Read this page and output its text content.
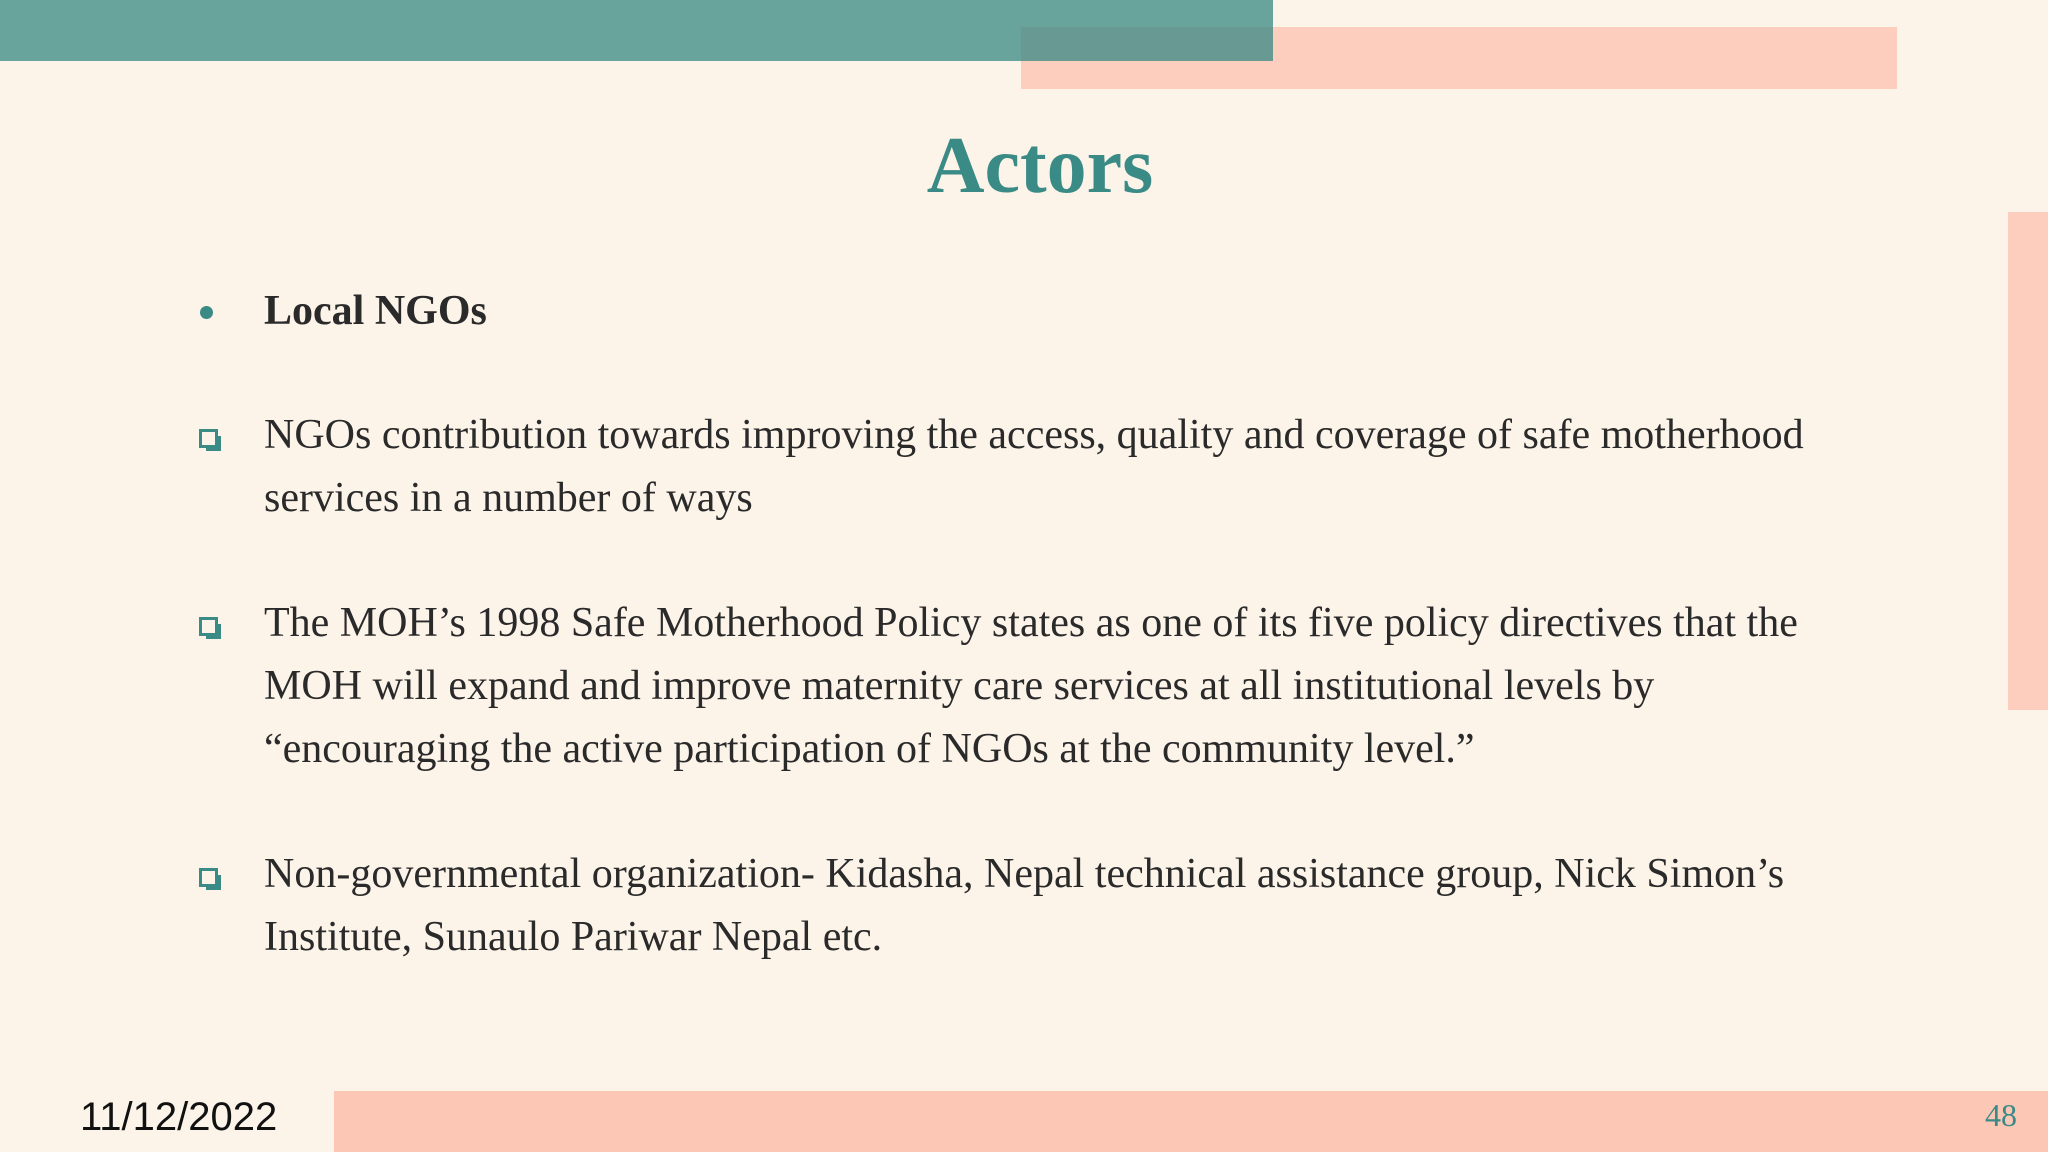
Actors
Local NGOs
NGOs contribution towards improving the access, quality and coverage of safe motherhood services in a number of ways
The MOH’s 1998 Safe Motherhood Policy states as one of its five policy directives that the MOH will expand and improve maternity care services at all institutional levels by “encouraging the active participation of NGOs at the community level.”
Non-governmental organization- Kidasha, Nepal technical assistance group, Nick Simon’s Institute, Sunaulo Pariwar Nepal etc.
11/12/2022	48
